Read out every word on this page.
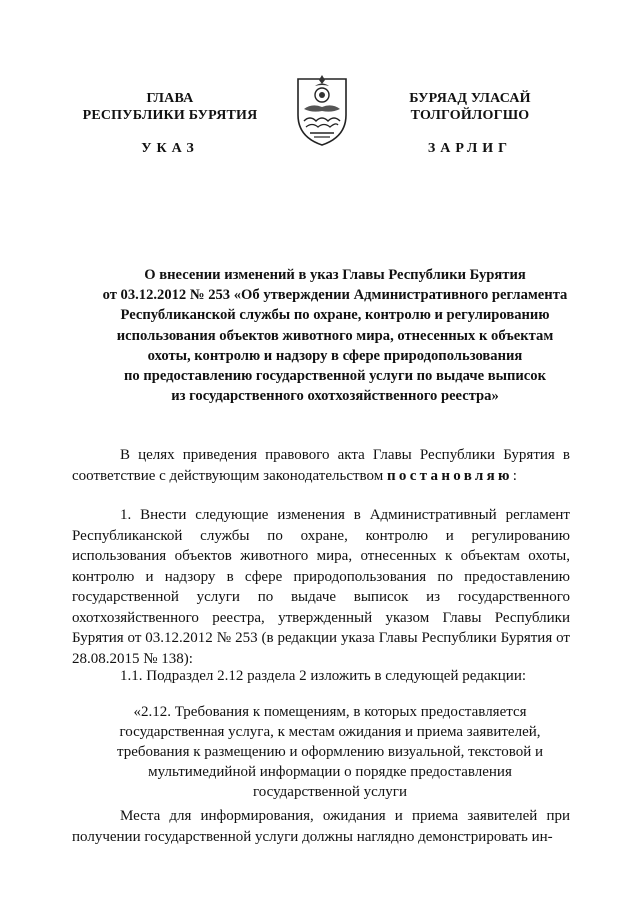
ГЛАВА
РЕСПУБЛИКИ БУРЯТИЯ
БУРЯАД УЛАСАЙ
ТОЛГОЙЛОГШО
УКАЗ	ЗАРЛИГ
О внесении изменений в указ Главы Республики Бурятия
от 03.12.2012 № 253 «Об утверждении Административного регламента
Республиканской службы по охране, контролю и регулированию
использования объектов животного мира, отнесенных к объектам
охоты, контролю и надзору в сфере природопользования
по предоставлению государственной услуги по выдаче выписок
из государственного охотхозяйственного реестра»

В целях приведения правового акта Главы Республики Бурятия в соответствие с действующим законодательством постановляю:

1. Внести следующие изменения в Административный регламент Республиканской службы по охране, контролю и регулированию использования объектов животного мира, отнесенных к объектам охоты, контролю и надзору в сфере природопользования по предоставлению государственной услуги по выдаче выписок из государственного охотхозяйственного реестра, утвержденный указом Главы Республики Бурятия от 03.12.2012 № 253 (в редакции указа Главы Республики Бурятия от 28.08.2015 № 138):

1.1. Подраздел 2.12 раздела 2 изложить в следующей редакции:

«2.12. Требования к помещениям, в которых предоставляется
государственная услуга, к местам ожидания и приема заявителей,
требования к размещению и оформлению визуальной, текстовой и
мультимедийной информации о порядке предоставления
государственной услуги

Места для информирования, ожидания и приема заявителей при получении государственной услуги должны наглядно демонстрировать ин-
